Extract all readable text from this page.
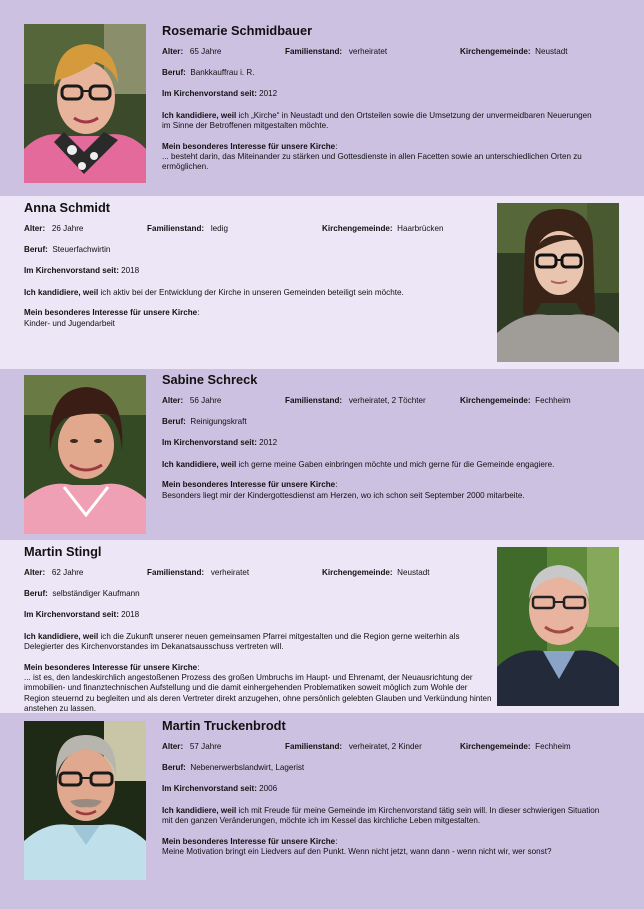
Rosemarie Schmidbauer
Alter: 65 Jahre	Familienstand: verheiratet	Kirchengemeinde: Neustadt
Beruf: Bankkauffrau i. R.
Im Kirchenvorstand seit: 2012
Ich kandidiere, weil ich „Kirche“ in Neustadt und den Ortsteilen sowie die Umsetzung der unvermeidbaren Neuerungen im Sinne der Betroffenen mitgestalten möchte.
Mein besonderes Interesse für unsere Kirche:
... besteht darin, das Miteinander zu stärken und Gottesdienste in allen Facetten sowie an unterschiedlichen Orten zu ermöglichen.
Anna Schmidt
Alter: 26 Jahre	Familienstand: ledig	Kirchengemeinde: Haarbrücken
Beruf: Steuerfachwirtin
Im Kirchenvorstand seit: 2018
Ich kandidiere, weil ich aktiv bei der Entwicklung der Kirche in unseren Gemeinden beteiligt sein möchte.
Mein besonderes Interesse für unsere Kirche:
Kinder- und Jugendarbeit
Sabine Schreck
Alter: 56 Jahre	Familienstand: verheiratet, 2 Töchter	Kirchengemeinde: Fechheim
Beruf: Reinigungskraft
Im Kirchenvorstand seit: 2012
Ich kandidiere, weil ich gerne meine Gaben einbringen möchte und mich gerne für die Gemeinde engagiere.
Mein besonderes Interesse für unsere Kirche:
Besonders liegt mir der Kindergottesdienst am Herzen, wo ich schon seit September 2000 mitarbeite.
Martin Stingl
Alter: 62 Jahre	Familienstand: verheiratet	Kirchengemeinde: Neustadt
Beruf: selbständiger Kaufmann
Im Kirchenvorstand seit: 2018
Ich kandidiere, weil ich die Zukunft unserer neuen gemeinsamen Pfarrei mitgestalten und die Region gerne weiterhin als Delegierter des Kirchenvorstandes im Dekanatsausschuss vertreten will.
Mein besonderes Interesse für unsere Kirche:
... ist es, den landeskirchlich angestoßenen Prozess des großen Umbruchs im Haupt- und Ehrenamt, der Neuausrichtung der immobilien- und finanztechnischen Aufstellung und die damit einhergehenden Problematiken soweit möglich zum Wohle der Region steuernd zu begleiten und als deren Vertreter direkt anzugehen, ohne persönlich gelebten Glauben und Verkündung hinten anstehen zu lassen.
Martin Truckenbrodt
Alter: 57 Jahre	Familienstand: verheiratet, 2 Kinder	Kirchengemeinde: Fechheim
Beruf: Nebenerwerbslandwirt, Lagerist
Im Kirchenvorstand seit: 2006
Ich kandidiere, weil ich mit Freude für meine Gemeinde im Kirchenvorstand tätig sein will. In dieser schwierigen Situation mit den ganzen Veränderungen, möchte ich im Kessel das kirchliche Leben mitgestalten.
Mein besonderes Interesse für unsere Kirche:
Meine Motivation bringt ein Liedvers auf den Punkt. Wenn nicht jetzt, wann dann - wenn nicht wir, wer sonst?
